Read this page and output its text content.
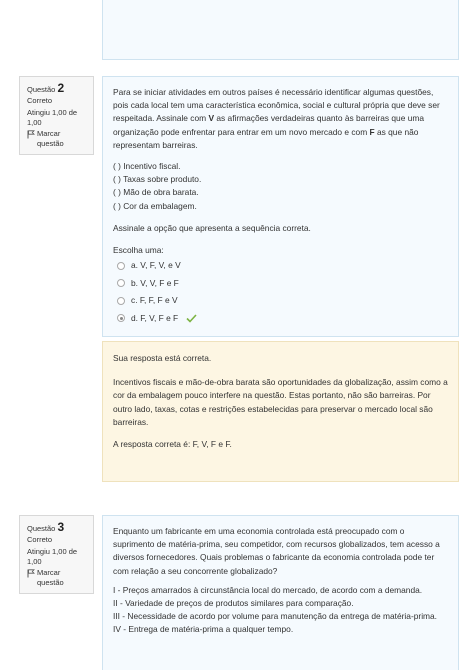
Questão 2
Correto
Atingiu 1,00 de
1,00
Marcar
questão

Para se iniciar atividades em outros países é necessário identificar algumas questões, pois cada local tem uma característica econômica, social e cultural própria que deve ser respeitada. Assinale com V as afirmações verdadeiras quanto às barreiras que uma organização pode enfrentar para entrar em um novo mercado e com F as que não representam barreiras.

( ) Incentivo fiscal.
( ) Taxas sobre produto.
( ) Mão de obra barata.
( ) Cor da embalagem.

Assinale a opção que apresenta a sequência correta.

Escolha uma:
a. V, F, V, e V
b. V, V, F e F
c. F, F, F e V
d. F, V, F e F

Sua resposta está correta.

Incentivos fiscais e mão-de-obra barata são oportunidades da globalização, assim como a cor da embalagem pouco interfere na questão. Estas portanto, não são barreiras. Por outro lado, taxas, cotas e restrições estabelecidas para preservar o mercado local são barreiras.

A resposta correta é: F, V, F e F.

Questão 3
Correto
Atingiu 1,00 de
1,00
Marcar
questão

Enquanto um fabricante em uma economia controlada está preocupado com o suprimento de matéria-prima, seu competidor, com recursos globalizados, tem acesso a diversos fornecedores. Quais problemas o fabricante da economia controlada pode ter com relação a seu concorrente globalizado?

I - Preços amarrados à circunstância local do mercado, de acordo com a demanda.
II - Variedade de preços de produtos similares para comparação.
III - Necessidade de acordo por volume para manutenção da entrega de matéria-prima.
IV - Entrega de matéria-prima a qualquer tempo.
